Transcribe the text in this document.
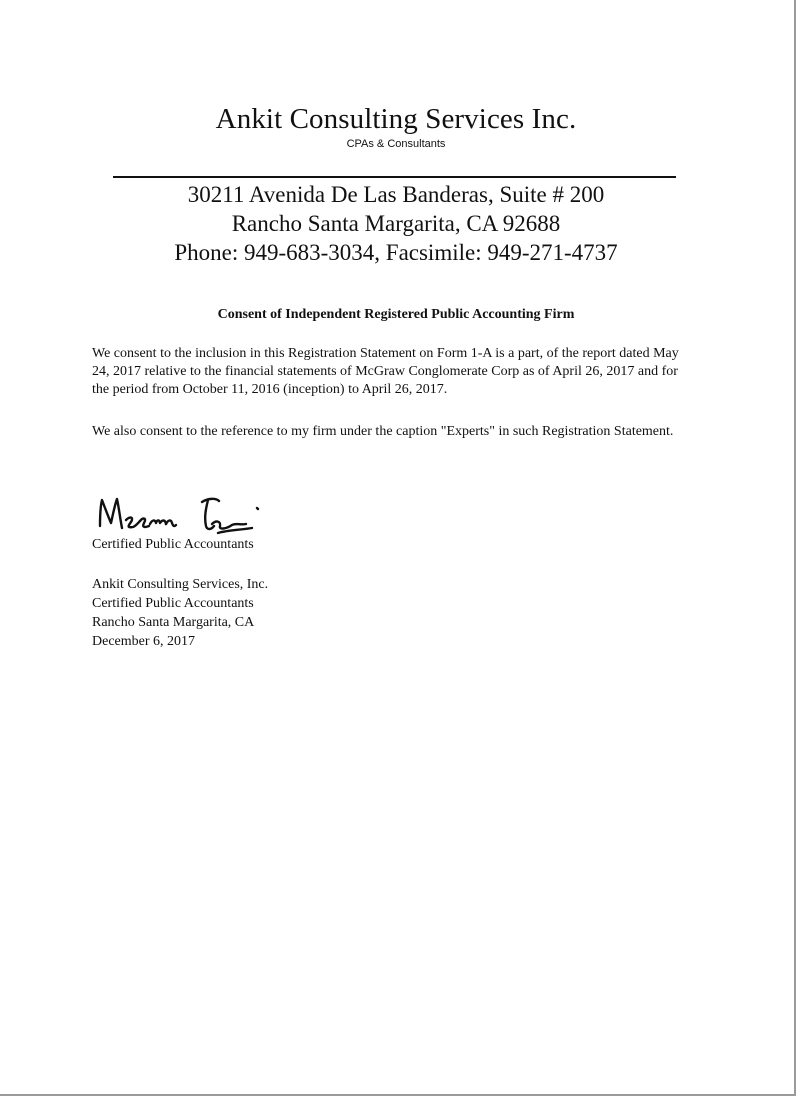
Ankit Consulting Services Inc.
CPAs & Consultants
30211 Avenida De Las Banderas, Suite # 200
Rancho Santa Margarita, CA 92688
Phone: 949-683-3034, Facsimile: 949-271-4737
Consent of Independent Registered Public Accounting Firm
We consent to the inclusion in this Registration Statement on Form 1-A is a part, of the report dated May 24, 2017 relative to the financial statements of McGraw Conglomerate Corp as of April 26, 2017 and for the period from October 11, 2016 (inception) to April 26, 2017.
We also consent to the reference to my firm under the caption "Experts" in such Registration Statement.
Certified Public Accountants
Ankit Consulting Services, Inc.
Certified Public Accountants
Rancho Santa Margarita, CA
December 6, 2017
